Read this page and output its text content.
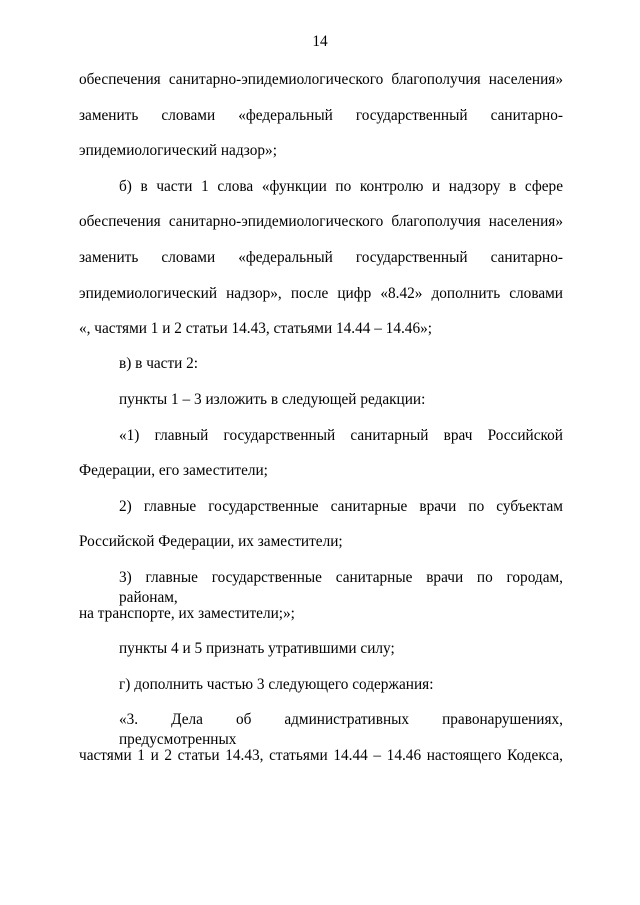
14
обеспечения санитарно-эпидемиологического благополучия населения»
заменить словами «федеральный государственный санитарно-
эпидемиологический надзор»;
б) в части 1 слова «функции по контролю и надзору в сфере
обеспечения санитарно-эпидемиологического благополучия населения»
заменить словами «федеральный государственный санитарно-
эпидемиологический надзор», после цифр «8.42» дополнить словами
«, частями 1 и 2 статьи 14.43, статьями 14.44 – 14.46»;
в) в части 2:
пункты 1 – 3 изложить в следующей редакции:
«1) главный государственный санитарный врач Российской
Федерации, его заместители;
2) главные государственные санитарные врачи по субъектам
Российской Федерации, их заместители;
3) главные государственные санитарные врачи по городам, районам,
на транспорте, их заместители;»;
пункты 4 и 5 признать утратившими силу;
г) дополнить частью 3 следующего содержания:
«3. Дела об административных правонарушениях, предусмотренных
частями 1 и 2 статьи 14.43, статьями 14.44 – 14.46 настоящего Кодекса,
